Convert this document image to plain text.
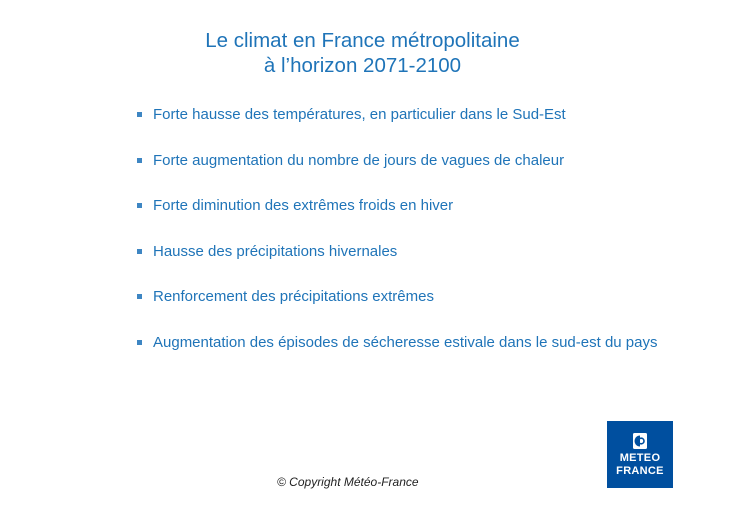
Le climat en France métropolitaine
à l’horizon 2071-2100
Forte hausse des températures, en particulier dans le Sud-Est
Forte augmentation du nombre de jours de vagues de chaleur
Forte diminution des extrêmes froids en hiver
Hausse des précipitations hivernales
Renforcement des précipitations extrêmes
Augmentation des épisodes de sécheresse estivale dans le sud-est du pays
© Copyright Météo-France
METEO
FRANCE
